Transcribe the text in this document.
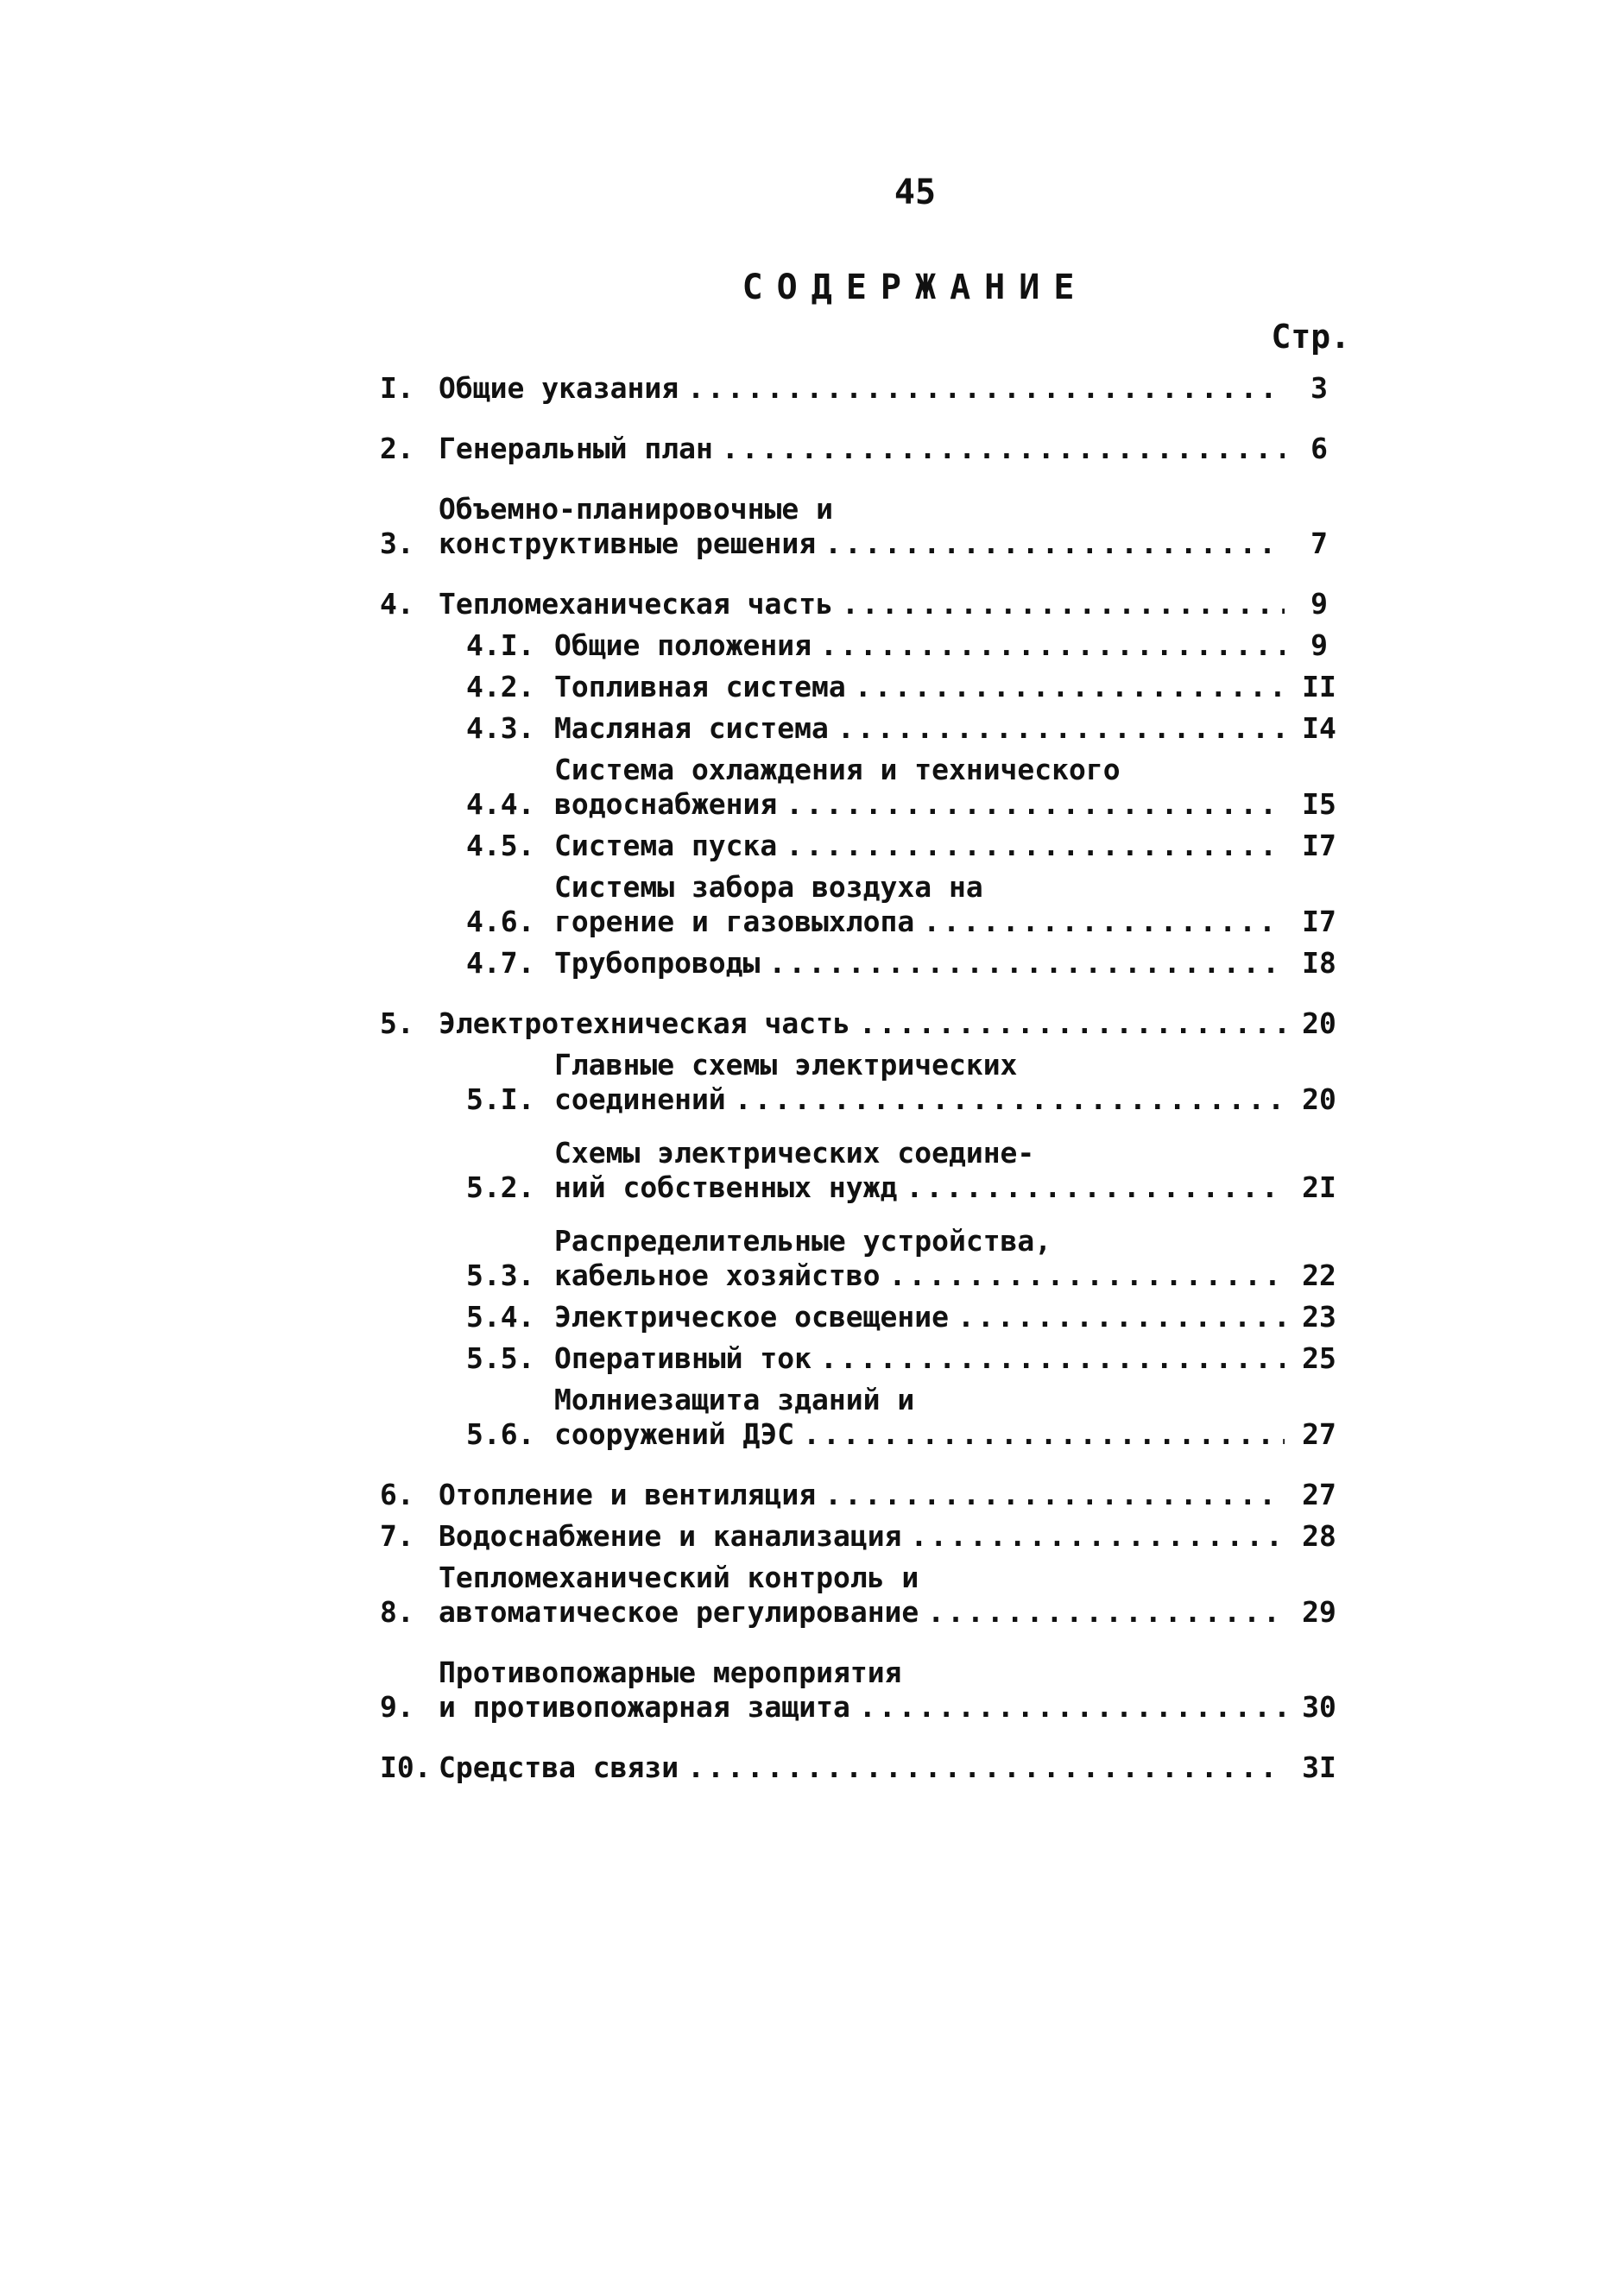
45
СОДЕРЖАНИЕ
Стр.
I. Общие указания .....	3
2. Генеральный план .....	6
3.
Объемно-планировочные и
конструктивные решения .....	7
4. Тепломеханическая часть .....	9
4.I. Общие положения .....	9
4.2. Топливная система .....	II
4.3. Масляная система .....	I4
4.4.
Система охлаждения и технического
водоснабжения .....	I5
4.5. Система пуска .....	I7
4.6.
Системы забора воздуха на
горение и газовыхлопа .....	I7
4.7. Трубопроводы .....	I8
5. Электротехническая часть .....	20
5.I.
Главные схемы электрических
соединений .....	20
5.2.
Схемы электрических соедине-
ний собственных нужд .....	2I
5.3.
Распределительные устройства,
кабельное хозяйство .....	22
5.4. Электрическое освещение .....	23
5.5. Оперативный ток .....	25
5.6.
Молниезащита зданий и
сооружений ДЭС .....	27
6. Отопление и вентиляция .....	27
7. Водоснабжение и канализация .....	28
8.
Тепломеханический контроль и
автоматическое регулирование .....	29
9.
Противопожарные мероприятия
и противопожарная защита .....	30
I0. Средства связи .....	3I
